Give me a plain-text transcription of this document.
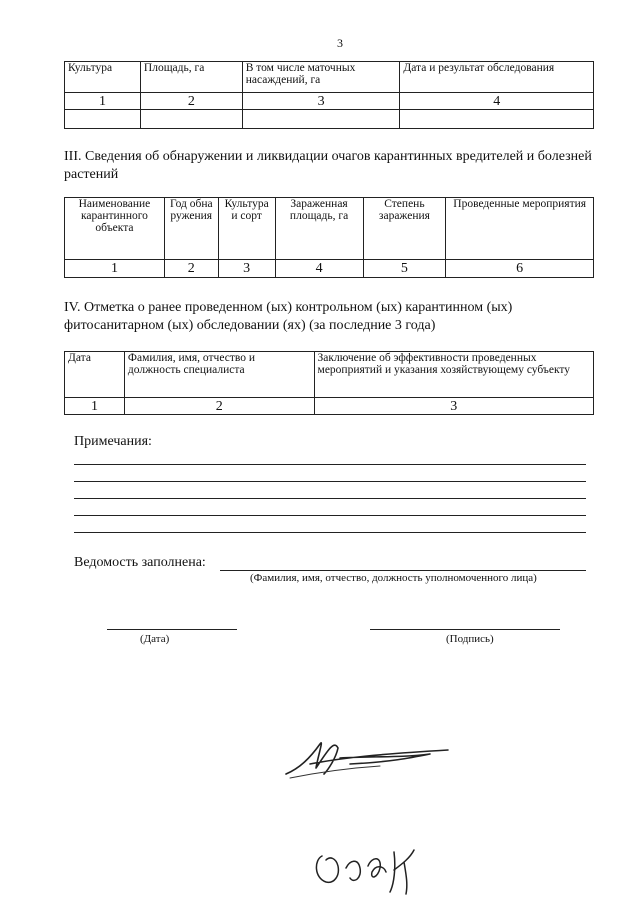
3
Культура	Площадь, га	В том числе маточных насаждений, га	Дата и результат обследования
1	2	3	4

III. Сведения об обнаружении и ликвидации очагов карантинных вредителей и болезней растений
Наименование карантинного объекта	Год обнаружения	Культура и сорт	Зараженная площадь, га	Степень заражения	Проведенные мероприятия
1	2	3	4	5	6
IV. Отметка о ранее проведенном (ых) контрольном (ых) карантинном (ых) фитосанитарном (ых) обследовании (ях) (за последние 3 года)
Дата	Фамилия, имя, отчество и должность специалиста	Заключение об эффективности проведенных мероприятий и указания хозяйствующему субъекту
1	2	3
Примечания:
Ведомость заполнена:
(Фамилия, имя, отчество, должность уполномоченного лица)
(Дата)	(Подпись)
